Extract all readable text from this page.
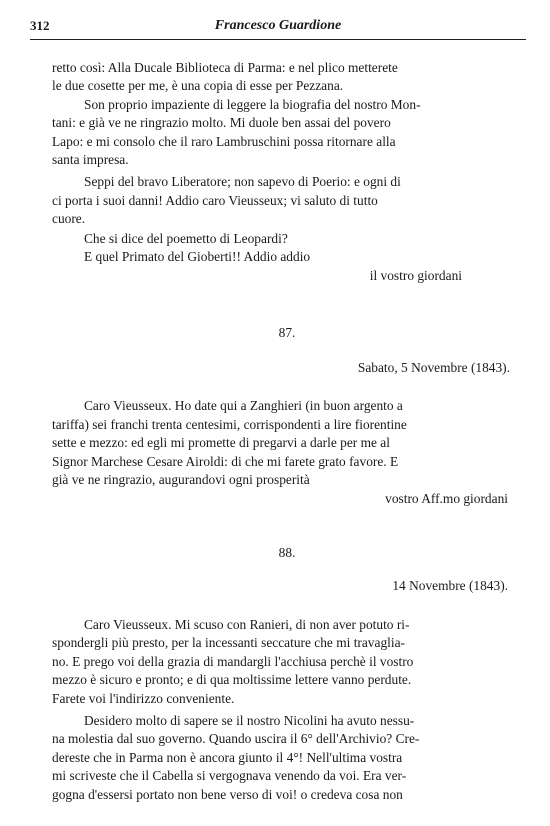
312	Francesco Guardione
retto così: Alla Ducale Biblioteca di Parma: e nel plico metterete
le due cosette per me, è una copia di esse per Pezzana.
Son proprio impaziente di leggere la biografia del nostro Mon-
tani: e già ve ne ringrazio molto. Mi duole ben assai del povero
Lapo: e mi consolo che il raro Lambruschini possa ritornare alla
santa impresa.
Seppi del bravo Liberatore; non sapevo di Poerio: e ogni di
ci porta i suoi danni! Addio caro Vieusseux; vi saluto di tutto
cuore.
Che si dice del poemetto di Leopardi?
E quel Primato del Gioberti!! Addio addio
il vostro giordani
87.
Sabato, 5 Novembre (1843).
Caro Vieusseux. Ho date qui a Zanghieri (in buon argento a
tariffa) sei franchi trenta centesimi, corrispondenti a lire fiorentine
sette e mezzo: ed egli mi promette di pregarvi a darle per me al
Signor Marchese Cesare Airoldi: di che mi farete grato favore. E
già ve ne ringrazio, augurandovi ogni prosperità
vostro Aff.mo giordani
88.
14 Novembre (1843).
Caro Vieusseux. Mi scuso con Ranieri, di non aver potuto ri-
spondergli più presto, per la incessanti seccature che mi travaglia-
no. E prego voi della grazia di mandargli l'acchiusa perchè il vostro
mezzo è sicuro e pronto; e di qua moltissime lettere vanno perdute.
Farete voi l'indirizzo conveniente.
Desidero molto di sapere se il nostro Nicolini ha avuto nessu-
na molestia dal suo governo. Quando uscira il 6° dell'Archivio? Cre-
dereste che in Parma non è ancora giunto il 4°! Nell'ultima vostra
mi scriveste che il Cabella si vergognava venendo da voi. Era ver-
gogna d'essersi portato non bene verso di voi! o credeva cosa non
